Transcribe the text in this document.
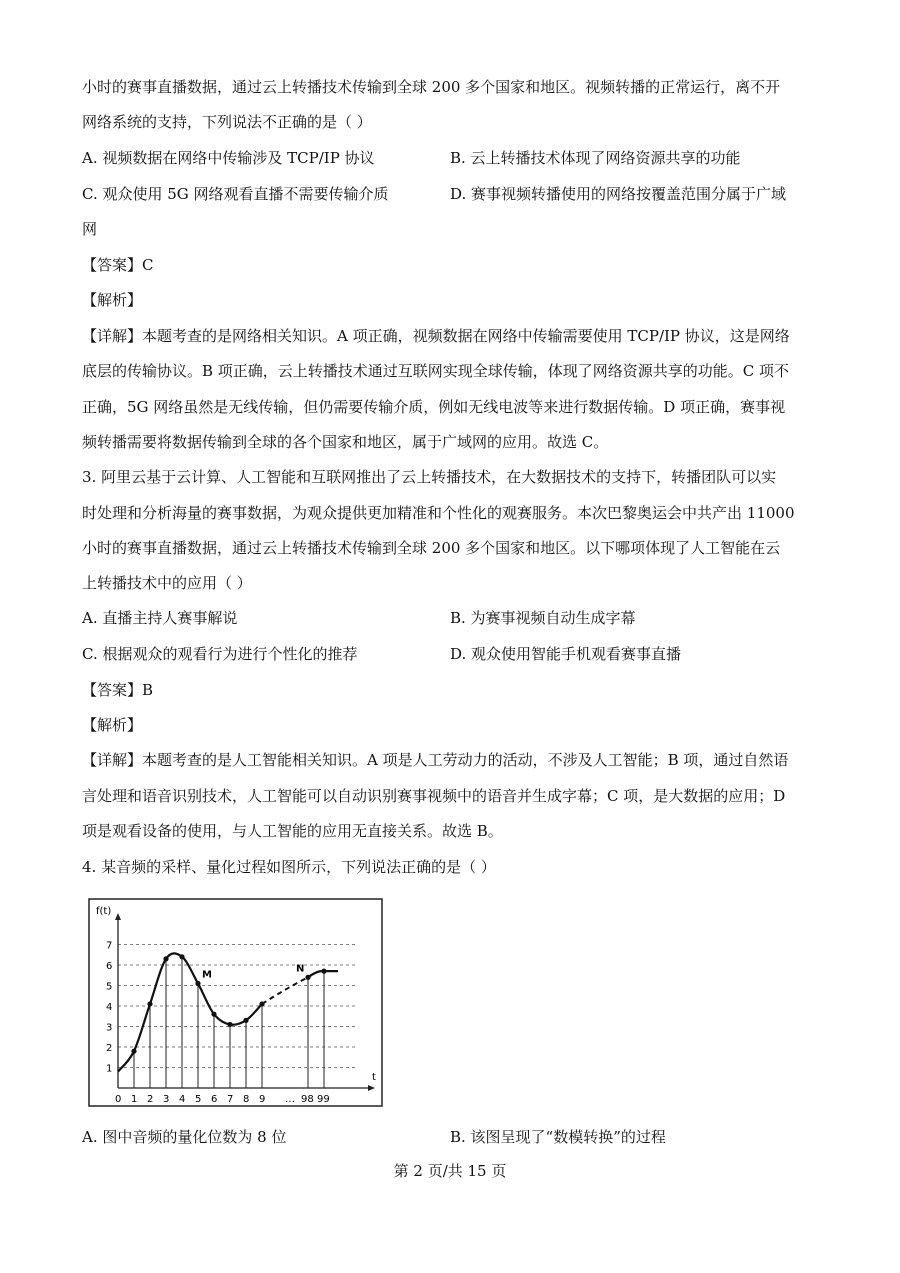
小时的赛事直播数据，通过云上转播技术传输到全球 200 多个国家和地区。视频转播的正常运行，离不开
网络系统的支持，下列说法不正确的是（ ）
A. 视频数据在网络中传输涉及 TCP/IP 协议	B. 云上转播技术体现了网络资源共享的功能
C. 观众使用 5G 网络观看直播不需要传输介质	D. 赛事视频转播使用的网络按覆盖范围分属于广域
网
【答案】C
【解析】
【详解】本题考查的是网络相关知识。A 项正确，视频数据在网络中传输需要使用 TCP/IP 协议，这是网络
底层的传输协议。B 项正确，云上转播技术通过互联网实现全球传输，体现了网络资源共享的功能。C 项不
正确，5G 网络虽然是无线传输，但仍需要传输介质，例如无线电波等来进行数据传输。D 项正确，赛事视
频转播需要将数据传输到全球的各个国家和地区，属于广域网的应用。故选 C。
3. 阿里云基于云计算、人工智能和互联网推出了云上转播技术，在大数据技术的支持下，转播团队可以实
时处理和分析海量的赛事数据，为观众提供更加精准和个性化的观赛服务。本次巴黎奥运会中共产出 11000
小时的赛事直播数据，通过云上转播技术传输到全球 200 多个国家和地区。以下哪项体现了人工智能在云
上转播技术中的应用（ ）
A. 直播主持人赛事解说	B. 为赛事视频自动生成字幕
C. 根据观众的观看行为进行个性化的推荐	D. 观众使用智能手机观看赛事直播
【答案】B
【解析】
【详解】本题考查的是人工智能相关知识。A 项是人工劳动力的活动，不涉及人工智能；B 项，通过自然语
言处理和语音识别技术，人工智能可以自动识别赛事视频中的语音并生成字幕；C 项，是大数据的应用；D
项是观看设备的使用，与人工智能的应用无直接关系。故选 B。
4. 某音频的采样、量化过程如图所示，下列说法正确的是（ ）
f(t)
t
1
2
3
4
5
6
7
0 1 2 3 4 5 6 7 8 9 … 98 99
M
N
A. 图中音频的量化位数为 8 位	B. 该图呈现了“数模转换”的过程
第 2 页/共 15 页
